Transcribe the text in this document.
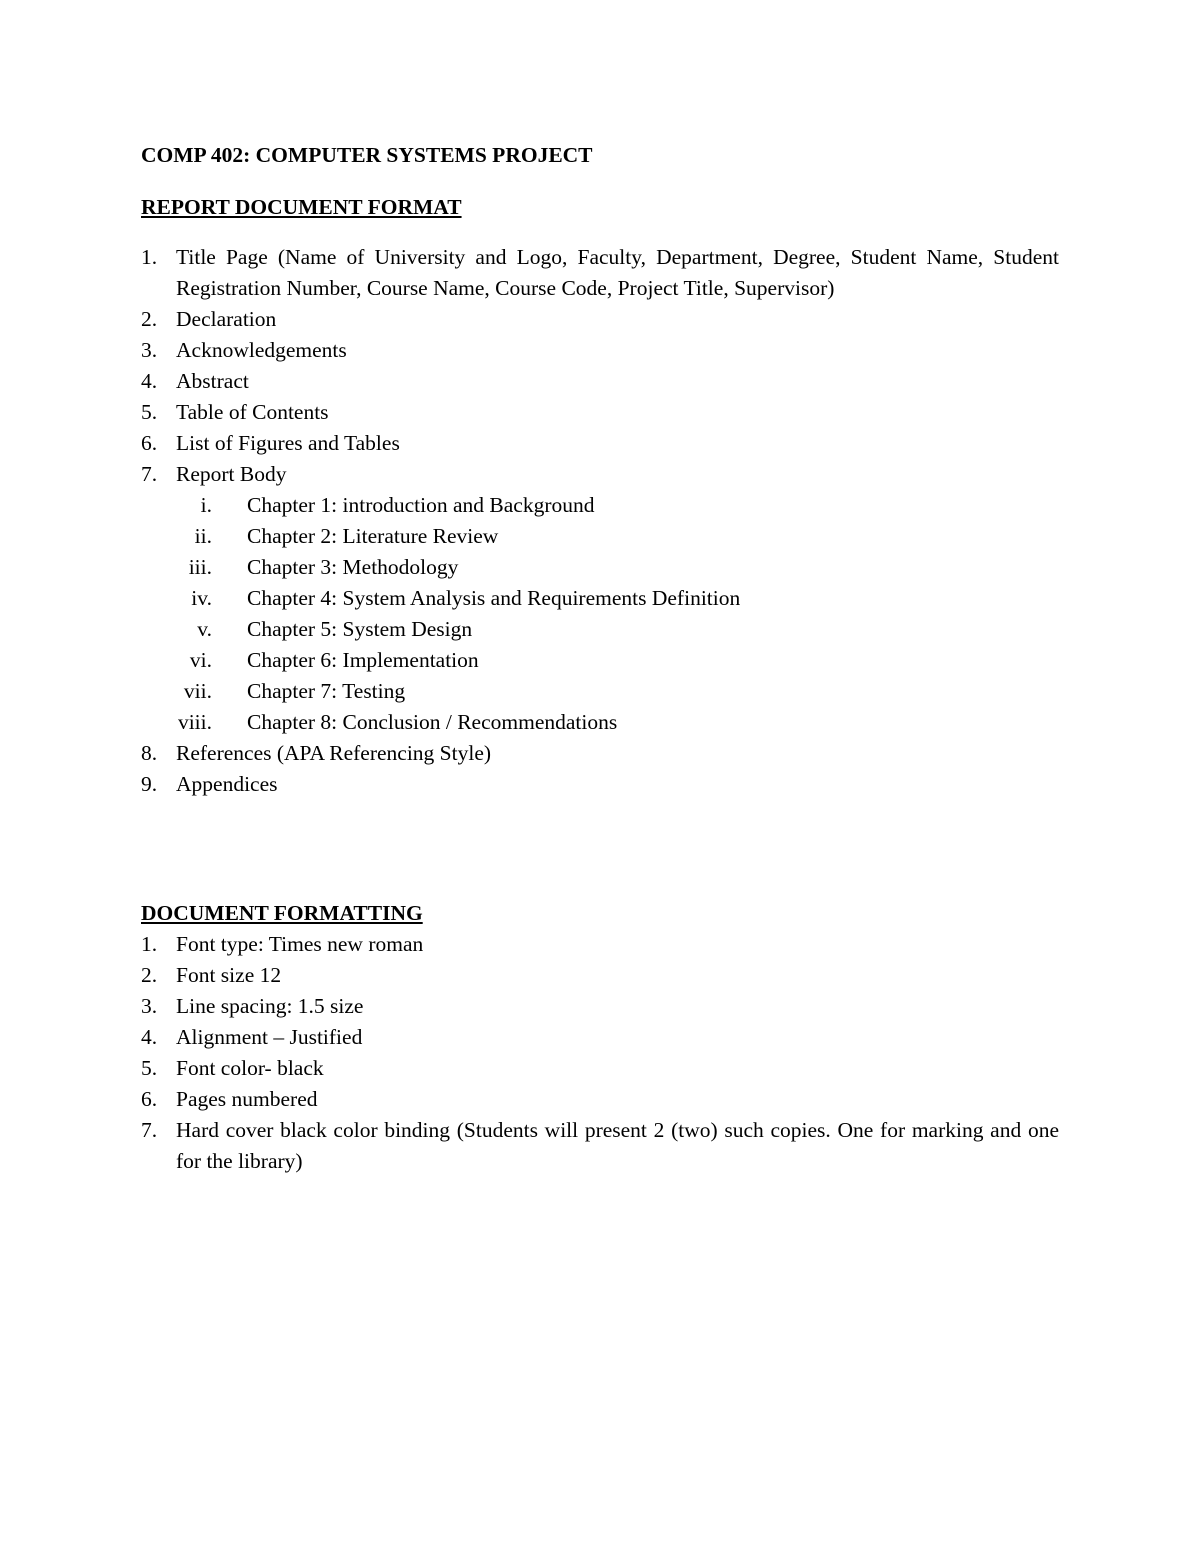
COMP 402: COMPUTER SYSTEMS PROJECT

REPORT DOCUMENT FORMAT

1. Title Page (Name of University and Logo, Faculty, Department, Degree, Student Name, Student Registration Number, Course Name, Course Code, Project Title, Supervisor)
2. Declaration
3. Acknowledgements
4. Abstract
5. Table of Contents
6. List of Figures and Tables
7. Report Body
i. Chapter 1: introduction and Background
ii. Chapter 2: Literature Review
iii. Chapter 3: Methodology
iv. Chapter 4: System Analysis and Requirements Definition
v. Chapter 5: System Design
vi. Chapter 6: Implementation
vii. Chapter 7: Testing
viii. Chapter 8: Conclusion / Recommendations
8. References (APA Referencing Style)
9. Appendices

DOCUMENT FORMATTING

1. Font type: Times new roman
2. Font size 12
3. Line spacing: 1.5 size
4. Alignment – Justified
5. Font color- black
6. Pages numbered
7. Hard cover black color binding (Students will present 2 (two) such copies. One for marking and one for the library)
